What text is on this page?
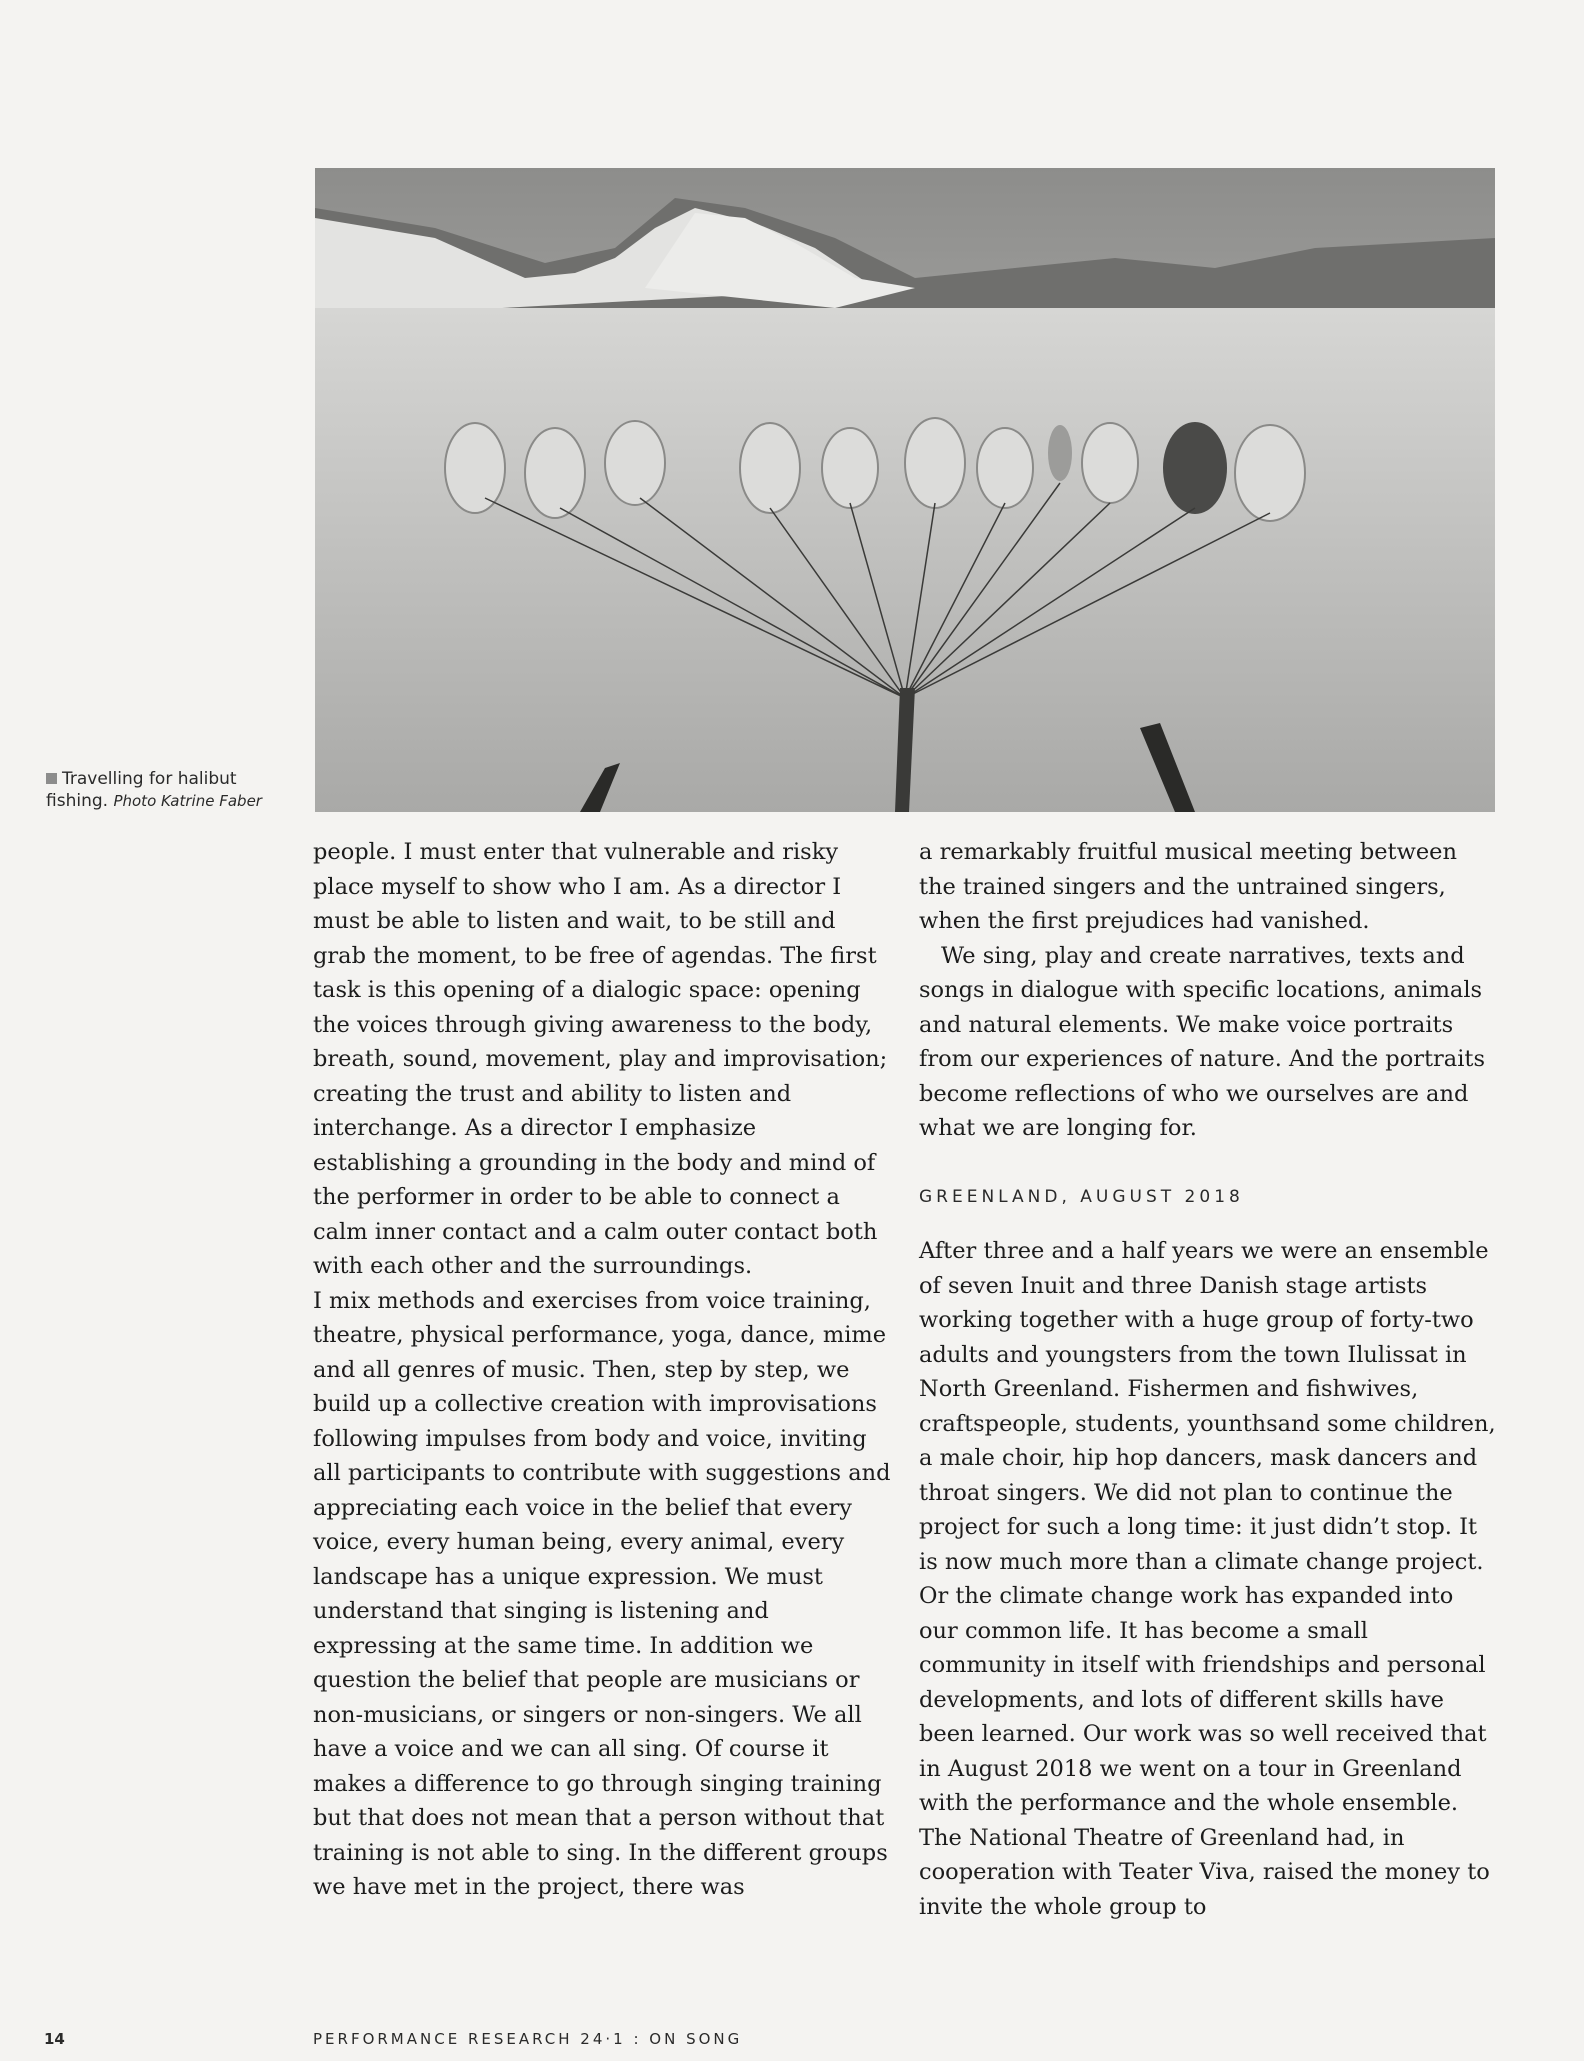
Travelling for halibut fishing. Photo Katrine Faber

people. I must enter that vulnerable and risky place myself to show who I am. As a director I must be able to listen and wait, to be still and grab the moment, to be free of agendas. The first task is this opening of a dialogic space: opening the voices through giving awareness to the body, breath, sound, movement, play and improvisation; creating the trust and ability to listen and interchange. As a director I emphasize establishing a grounding in the body and mind of the performer in order to be able to connect a calm inner contact and a calm outer contact both with each other and the surroundings.

I mix methods and exercises from voice training, theatre, physical performance, yoga, dance, mime and all genres of music. Then, step by step, we build up a collective creation with improvisations following impulses from body and voice, inviting all participants to contribute with suggestions and appreciating each voice in the belief that every voice, every human being, every animal, every landscape has a unique expression. We must understand that singing is listening and expressing at the same time. In addition we question the belief that people are musicians or non-musicians, or singers or non-singers. We all have a voice and we can all sing. Of course it makes a difference to go through singing training but that does not mean that a person without that training is not able to sing. In the different groups we have met in the project, there was

a remarkably fruitful musical meeting between the trained singers and the untrained singers, when the first prejudices had vanished.

We sing, play and create narratives, texts and songs in dialogue with specific locations, animals and natural elements. We make voice portraits from our experiences of nature. And the portraits become reflections of who we ourselves are and what we are longing for.

GREENLAND, AUGUST 2018

After three and a half years we were an ensemble of seven Inuit and three Danish stage artists working together with a huge group of forty-two adults and youngsters from the town Ilulissat in North Greenland. Fishermen and fishwives, craftspeople, students, younthsand some children, a male choir, hip hop dancers, mask dancers and throat singers. We did not plan to continue the project for such a long time: it just didn’t stop. It is now much more than a climate change project. Or the climate change work has expanded into our common life. It has become a small community in itself with friendships and personal developments, and lots of different skills have been learned. Our work was so well received that in August 2018 we went on a tour in Greenland with the performance and the whole ensemble. The National Theatre of Greenland had, in cooperation with Teater Viva, raised the money to invite the whole group to

14	PERFORMANCE RESEARCH 24·1 : ON SONG
